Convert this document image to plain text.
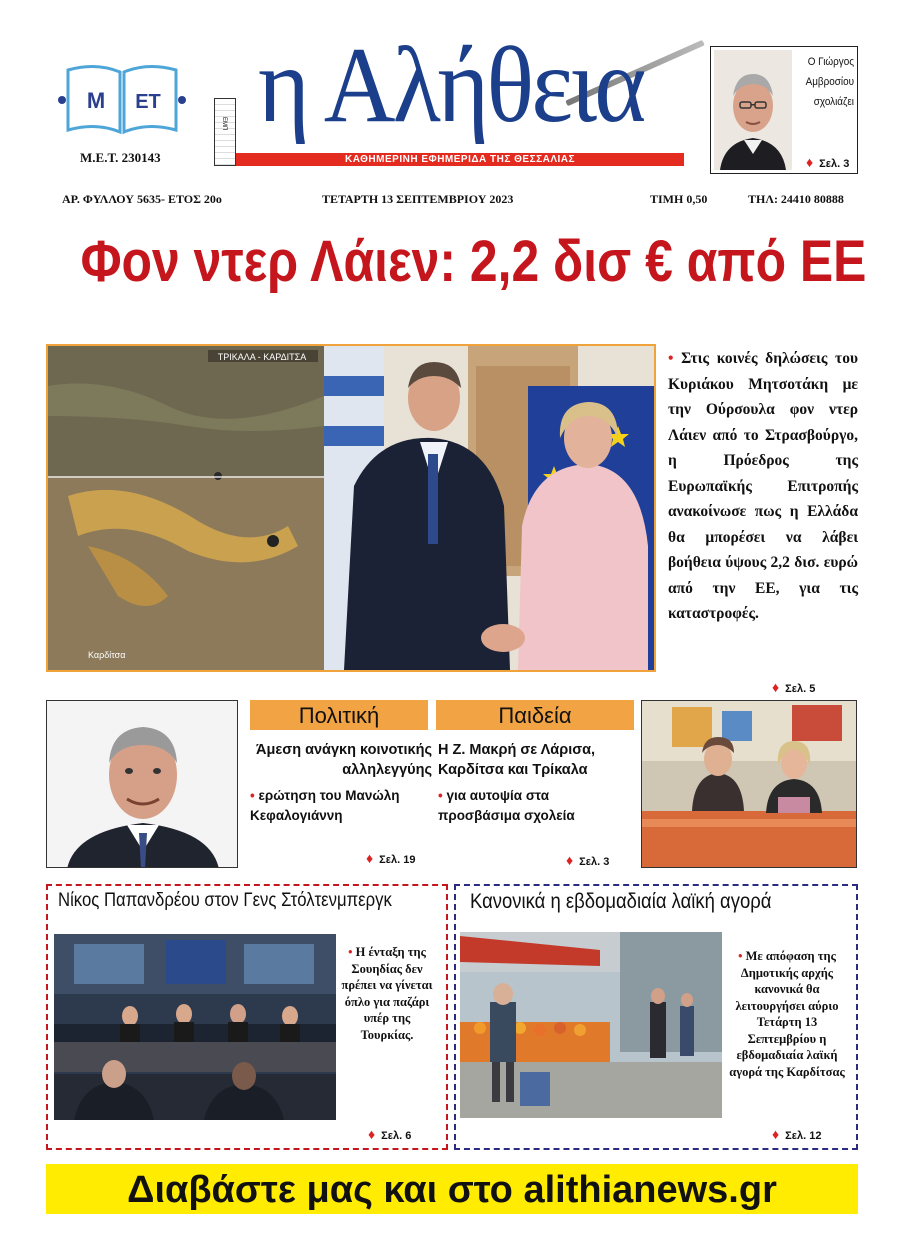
M ET
Μ.Ε.Τ. 230143
ΕΜΠ η Αλήθεια
ΚΑΘΗΜΕΡΙΝΗ ΕΦΗΜΕΡΙΔΑ ΤΗΣ ΘΕΣΣΑΛΙΑΣ
Ο Γιώργος
Αμβροσίου
σχολιάζει
♦ Σελ. 3
ΑΡ. ΦΥΛΛΟΥ 5635- ΕΤΟΣ 20ο	ΤΕΤΑΡΤΗ 13 ΣΕΠΤΕΜΒΡΙΟΥ 2023	ΤΙΜΗ 0,50	ΤΗΛ: 24410 80888
Φον ντερ Λάιεν: 2,2 δισ € από ΕΕ
ΤΡΙΚΑΛΑ - ΚΑΡΔΙΤΣΑ
Καρδίτσα
• Στις κοινές δηλώσεις του Κυριάκου Μητσοτάκη με την Ούρσουλα φον ντερ Λάιεν από το Στρασβούργο, η Πρόεδρος της Ευρωπαϊκής Επιτροπής ανακοίνωσε πως η Ελλάδα θα μπορέσει να λάβει βοήθεια ύψους 2,2 δισ. ευρώ από την ΕΕ, για τις καταστροφές.
♦ Σελ. 5
Πολιτική
Άμεση ανάγκη κοινοτικής αλληλεγγύης
• ερώτηση του Μανώλη Κεφαλογιάννη
♦ Σελ. 19
Παιδεία
Η Ζ. Μακρή σε Λάρισα, Καρδίτσα και Τρίκαλα
• για αυτοψία στα προσβάσιμα σχολεία
♦ Σελ. 3
Νίκος Παπανδρέου στον Γενς Στόλτενμπεργκ
• Η ένταξη της Σουηδίας δεν πρέπει να γίνεται όπλο για παζάρι υπέρ της Τουρκίας.
♦ Σελ. 6
Κανονικά η εβδομαδιαία λαϊκή αγορά
• Με απόφαση της Δημοτικής αρχής κανονικά θα λειτουργήσει αύριο Τετάρτη 13 Σεπτεμβρίου η εβδομαδιαία λαϊκή αγορά της Καρδίτσας
♦ Σελ. 12
Διαβάστε μας και στο alithianews.gr
